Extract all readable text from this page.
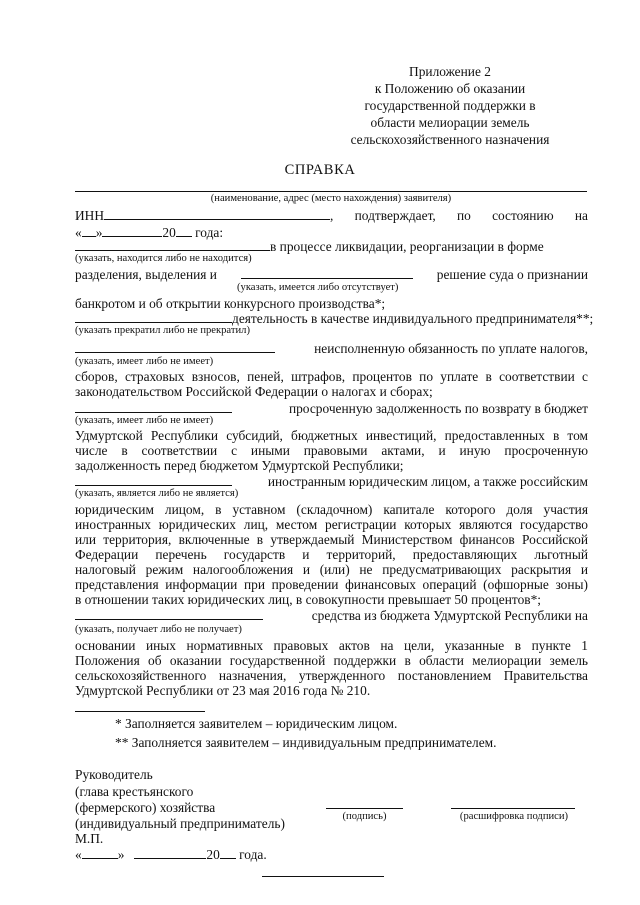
Приложение 2
к Положению об оказании
государственной поддержки в
области мелиорации земель
сельскохозяйственного назначения
СПРАВКА
(наименование, адрес (место нахождения) заявителя)
ИНН	, подтверждает, по состоянию на
« »	20 года:
в процессе ликвидации, реорганизации в форме
(указать, находится либо не находится)
разделения, выделения и	решение суда о признании
(указать, имеется либо отсутствует)
банкротом и об открытии конкурсного производства*;
деятельность в качестве индивидуального предпринимателя**;
(указать прекратил либо не прекратил)
неисполненную обязанность по уплате налогов,
(указать, имеет либо не имеет)
сборов, страховых взносов, пеней, штрафов, процентов по уплате в соответствии с
законодательством Российской Федерации о налогах и сборах;
просроченную задолженность по возврату в бюджет
(указать, имеет либо не имеет)
Удмуртской Республики субсидий, бюджетных инвестиций, предоставленных в том
числе в соответствии с иными правовыми актами, и иную просроченную
задолженность перед бюджетом Удмуртской Республики;
иностранным юридическим лицом, а также российским
(указать, является либо не является)
юридическим лицом, в уставном (складочном) капитале которого доля участия
иностранных юридических лиц, местом регистрации которых являются государство
или территория, включенные в утверждаемый Министерством финансов Российской
Федерации перечень государств и территорий, предоставляющих льготный
налоговый режим налогообложения и (или) не предусматривающих раскрытия и
представления информации при проведении финансовых операций (офшорные зоны)
в отношении таких юридических лиц, в совокупности превышает 50 процентов*;
средства из бюджета Удмуртской Республики на
(указать, получает либо не получает)
основании иных нормативных правовых актов на цели, указанные в пункте 1
Положения об оказании государственной поддержки в области мелиорации земель
сельскохозяйственного назначения, утвержденного постановлением Правительства
Удмуртской Республики от 23 мая 2016 года № 210.
* Заполняется заявителем – юридическим лицом.
** Заполняется заявителем – индивидуальным предпринимателем.
Руководитель
(глава крестьянского
(фермерского) хозяйства
(индивидуальный предприниматель)	(подпись)	(расшифровка подписи)
М.П.
«	»	20 года.
